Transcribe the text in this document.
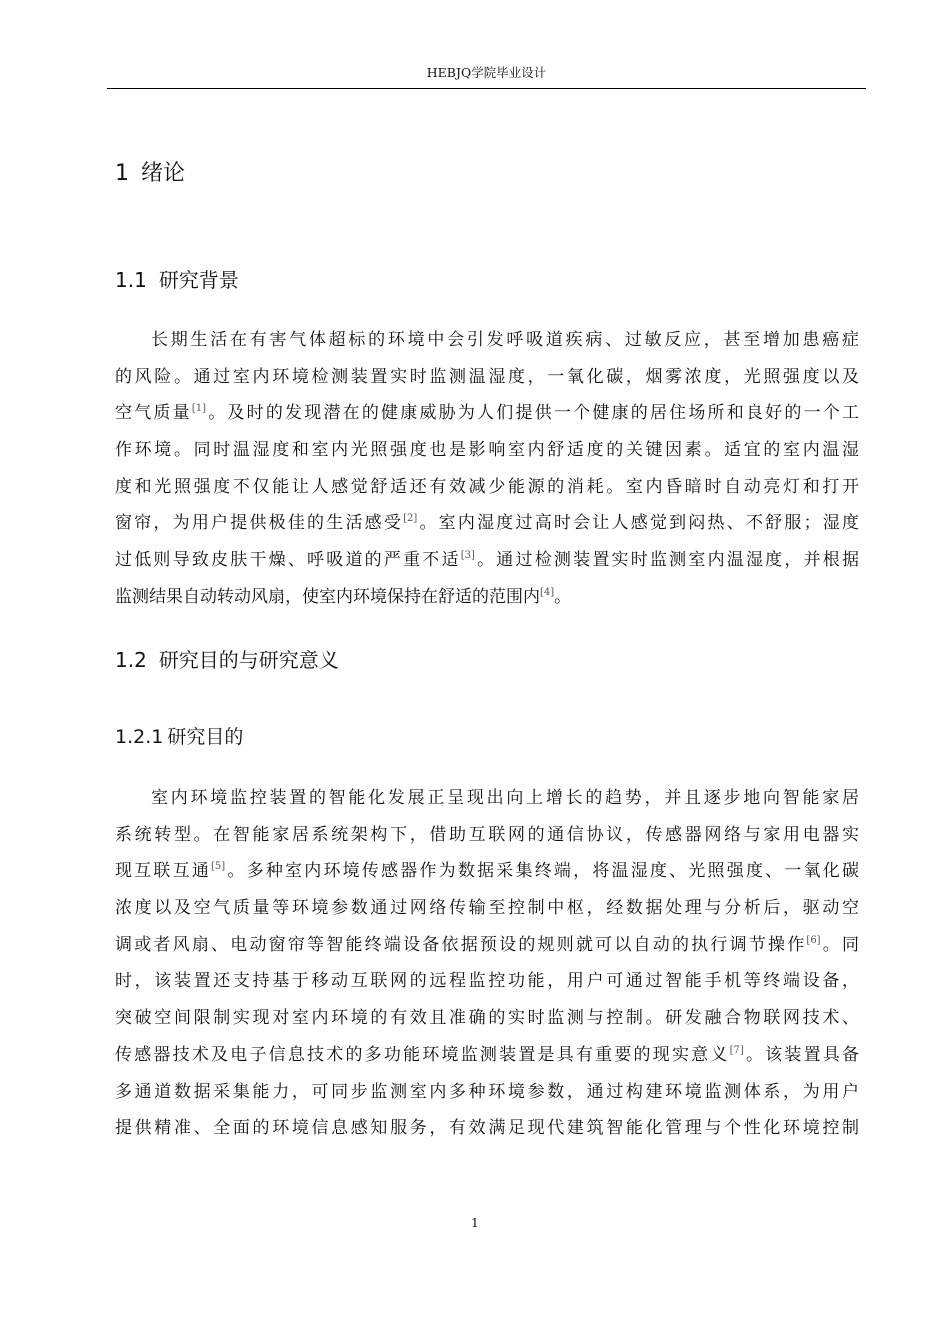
HEBJQ学院毕业设计
1 绪论
1.1 研究背景
长期生活在有害气体超标的环境中会引发呼吸道疾病、过敏反应，甚至增加患癌症
的风险。通过室内环境检测装置实时监测温湿度，一氧化碳，烟雾浓度，光照强度以及
空气质量[1]。及时的发现潜在的健康威胁为人们提供一个健康的居住场所和良好的一个工
作环境。同时温湿度和室内光照强度也是影响室内舒适度的关键因素。适宜的室内温湿
度和光照强度不仅能让人感觉舒适还有效减少能源的消耗。室内昏暗时自动亮灯和打开
窗帘，为用户提供极佳的生活感受[2]。室内湿度过高时会让人感觉到闷热、不舒服；湿度
过低则导致皮肤干燥、呼吸道的严重不适[3]。通过检测装置实时监测室内温湿度，并根据
监测结果自动转动风扇，使室内环境保持在舒适的范围内[4]。
1.2 研究目的与研究意义
1.2.1 研究目的
室内环境监控装置的智能化发展正呈现出向上增长的趋势，并且逐步地向智能家居
系统转型。在智能家居系统架构下，借助互联网的通信协议，传感器网络与家用电器实
现互联互通[5]。多种室内环境传感器作为数据采集终端，将温湿度、光照强度、一氧化碳
浓度以及空气质量等环境参数通过网络传输至控制中枢，经数据处理与分析后，驱动空
调或者风扇、电动窗帘等智能终端设备依据预设的规则就可以自动的执行调节操作[6]。同
时，该装置还支持基于移动互联网的远程监控功能，用户可通过智能手机等终端设备，
突破空间限制实现对室内环境的有效且准确的实时监测与控制。研发融合物联网技术、
传感器技术及电子信息技术的多功能环境监测装置是具有重要的现实意义[7]。该装置具备
多通道数据采集能力，可同步监测室内多种环境参数，通过构建环境监测体系，为用户
提供精准、全面的环境信息感知服务，有效满足现代建筑智能化管理与个性化环境控制
1
